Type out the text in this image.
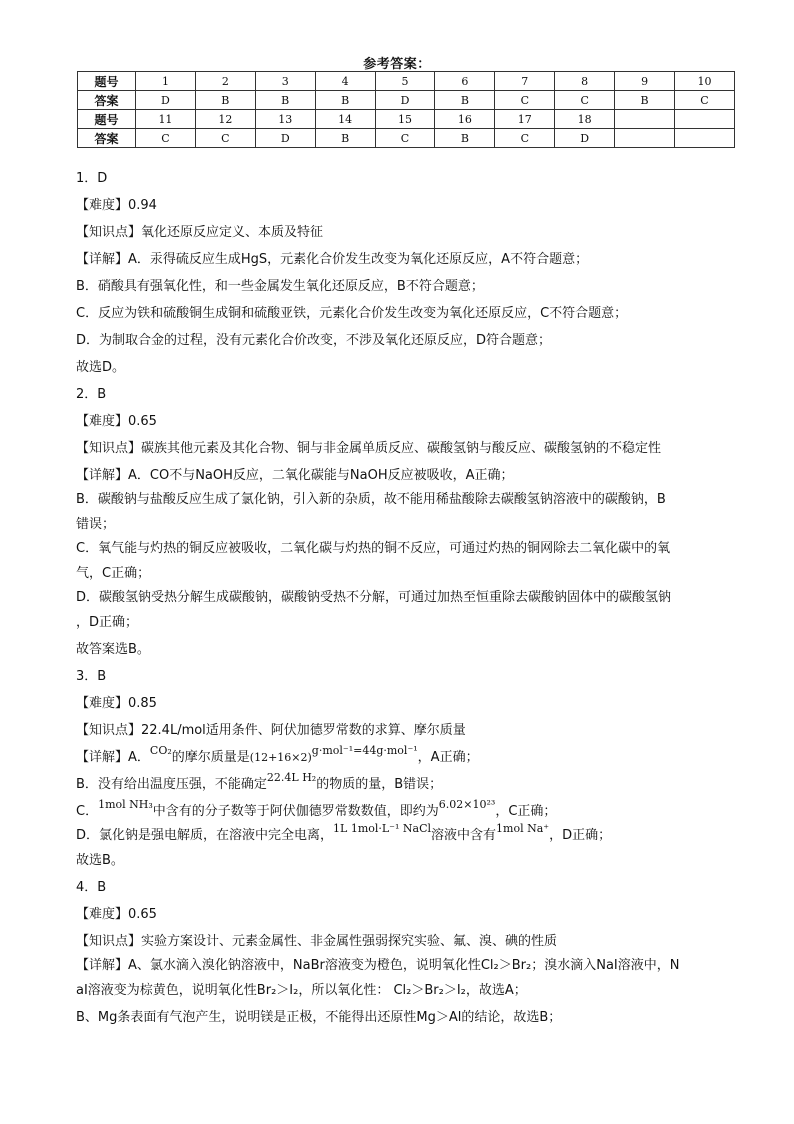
参考答案：
题号	1	2	3	4	5	6	7	8	9	10
答案	D	B	B	B	D	B	C	C	B	C
题号	11	12	13	14	15	16	17	18		
答案	C	C	D	B	C	B	C	D		
1．D
【难度】0.94
【知识点】氧化还原反应定义、本质及特征
【详解】A．汞得硫反应生成HgS，元素化合价发生改变为氧化还原反应，A不符合题意；
B．硝酸具有强氧化性，和一些金属发生氧化还原反应，B不符合题意；
C．反应为铁和硫酸铜生成铜和硫酸亚铁，元素化合价发生改变为氧化还原反应，C不符合题意；
D．为制取合金的过程，没有元素化合价改变，不涉及氧化还原反应，D符合题意；
故选D。
2．B
【难度】0.65
【知识点】碳族其他元素及其化合物、铜与非金属单质反应、碳酸氢钠与酸反应、碳酸氢钠的不稳定性
【详解】A．CO不与NaOH反应，二氧化碳能与NaOH反应被吸收，A正确；
B．碳酸钠与盐酸反应生成了氯化钠，引入新的杂质，故不能用稀盐酸除去碳酸氢钠溶液中的碳酸钠，B
错误；
C．氧气能与灼热的铜反应被吸收，二氧化碳与灼热的铜不反应，可通过灼热的铜网除去二氧化碳中的氧
气，C正确；
D．碳酸氢钠受热分解生成碳酸钠，碳酸钠受热不分解，可通过加热至恒重除去碳酸钠固体中的碳酸氢钠
，D正确；
故答案选B。
3．B
【难度】0.85
【知识点】22.4L/mol适用条件、阿伏加德罗常数的求算、摩尔质量
【详解】A．$^{CO_2}$的摩尔质量是$(12+16\times 2)^{g\cdot mol^{-1}=44g\cdot mol^{-1}}$，A正确；
B．没有给出温度压强，不能确定$^{22.4L H_2}$的物质的量，B错误；
C．$^{1mol NH_3}$中含有的分子数等于阿伏伽德罗常数数值，即约为$^{6.02\times 10^{23}}$，C正确；
D．氯化钠是强电解质，在溶液中完全电离，$^{1L 1mol\cdot L^{-1} NaCl}$溶液中含有$^{1mol Na^+}$，D正确；
故选B。
4．B
【难度】0.65
【知识点】实验方案设计、元素金属性、非金属性强弱探究实验、氟、溴、碘的性质
【详解】A、氯水滴入溴化钠溶液中，NaBr溶液变为橙色，说明氧化性Cl₂＞Br₂；溴水滴入NaI溶液中，N
aI溶液变为棕黄色，说明氧化性Br₂＞I₂，所以氧化性： Cl₂＞Br₂＞I₂，故选A；
B、Mg条表面有气泡产生，说明镁是正极，不能得出还原性Mg＞Al的结论，故选B；
